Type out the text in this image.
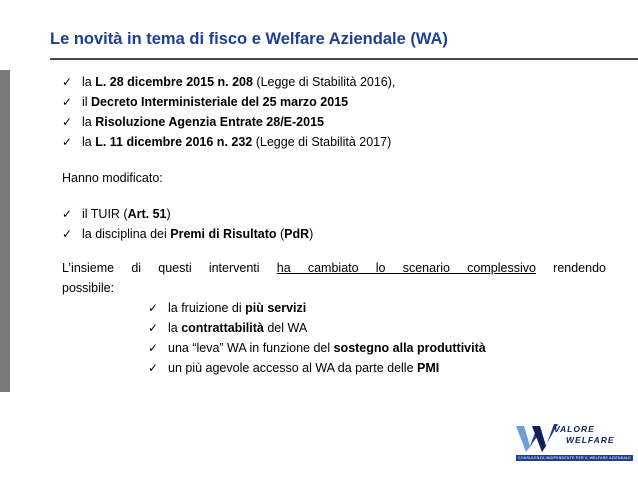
Le novità in tema di fisco e Welfare Aziendale (WA)
✓ la L. 28 dicembre 2015 n. 208 (Legge di Stabilità 2016),
✓ il Decreto Interministeriale del 25 marzo 2015
✓ la Risoluzione Agenzia Entrate 28/E-2015
✓ la L. 11 dicembre 2016 n. 232 (Legge di Stabilità 2017)
Hanno modificato:
✓ il TUIR (Art. 51)
✓ la disciplina dei Premi di Risultato (PdR)
L’insieme di questi interventi ha cambiato lo scenario complessivo rendendo
possibile:
✓ la fruizione di più servizi
✓ la contrattabilità del WA
✓ una “leva” WA in funzione del sostegno alla produttività
✓ un più agevole accesso al WA da parte delle PMI
VALORE
WELFARE
CONSULENZA INDIPENDENTE PER IL WELFARE AZIENDALE
